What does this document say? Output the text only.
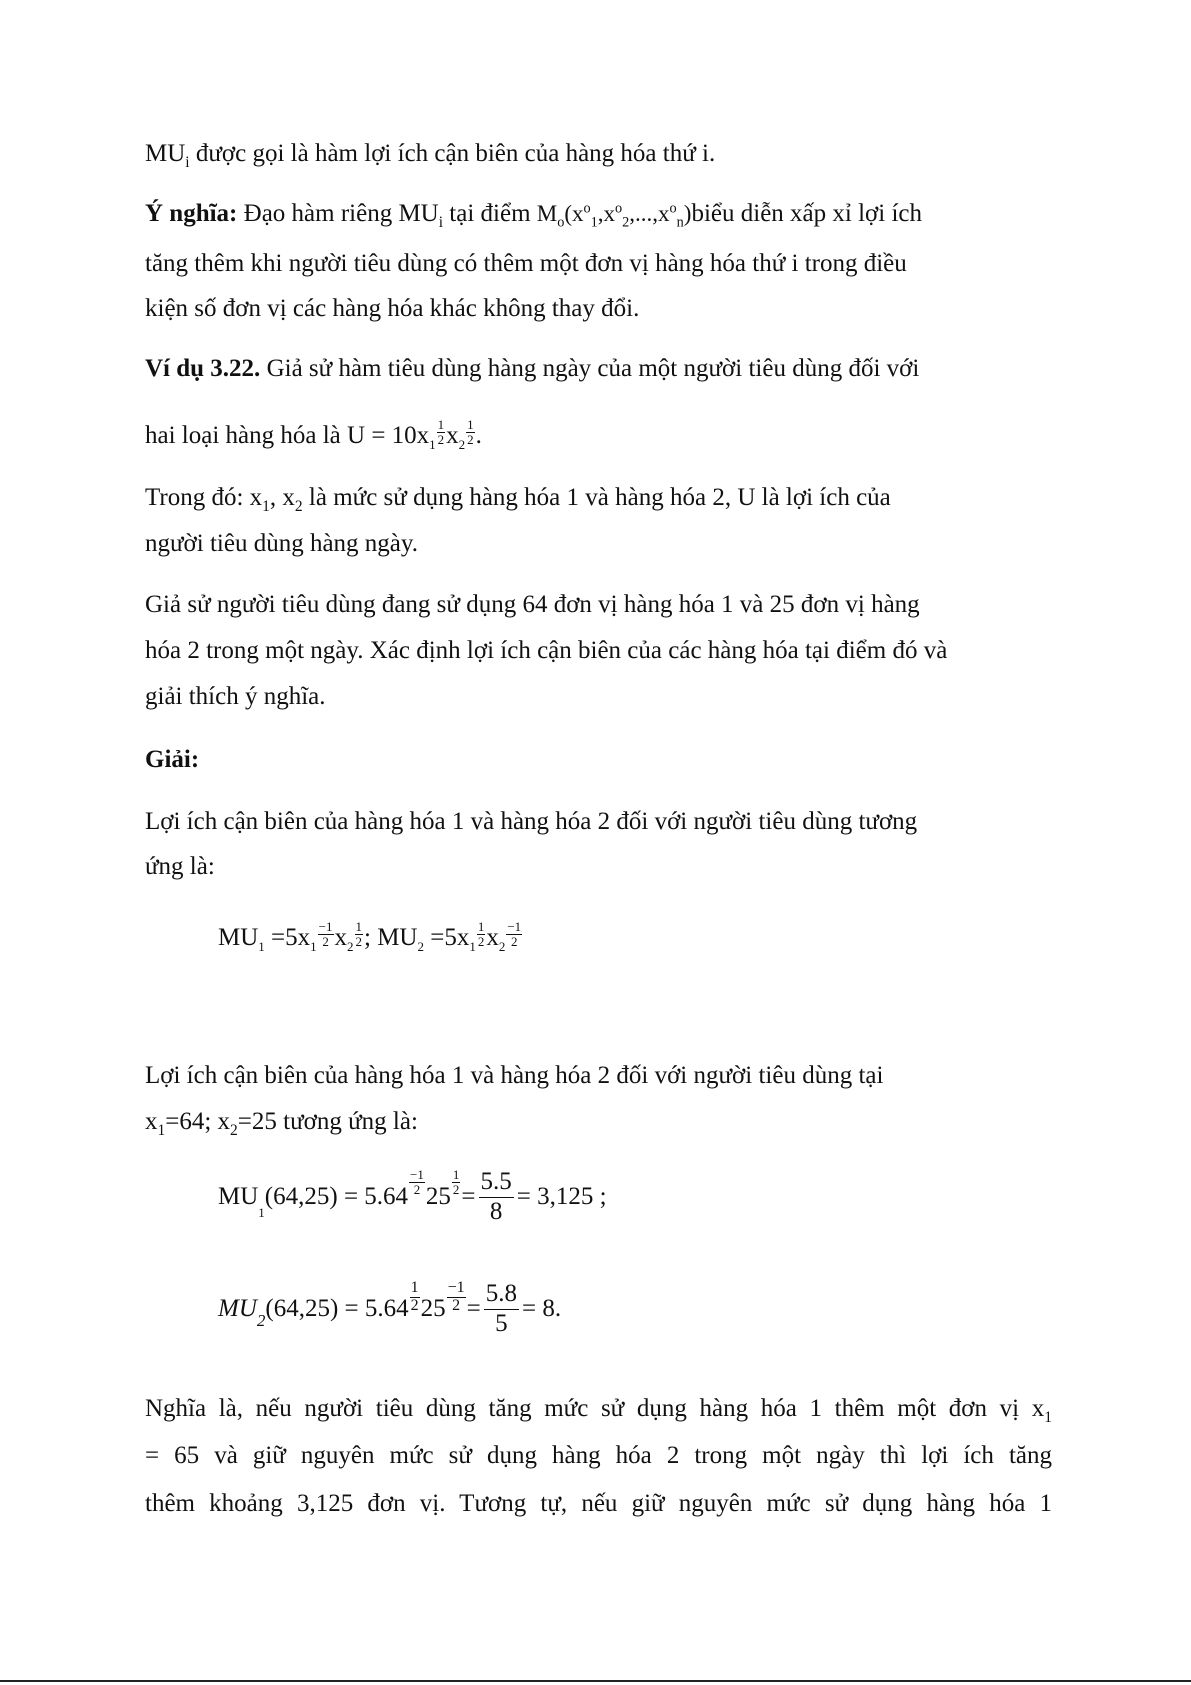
$MU_i$ được gọi là hàm lợi ích cận biên của hàng hóa thứ i.
Ý nghĩa: Đạo hàm riêng $MU_i$ tại điểm $M_o(x^o_1,x^o_2,...,x^o_n)biểu$ diễn xấp xỉ lợi ích
tăng thêm khi người tiêu dùng có thêm một đơn vị hàng hóa thứ i trong điều
kiện số đơn vị các hàng hóa khác không thay đổi.
Ví dụ 3.22. Giả sử hàm tiêu dùng hàng ngày của một người tiêu dùng đối với
hai loại hàng hóa là $U = 10x_1 \frac{1}{2} x_2 \frac{1}{2}$ .
Trong đó: $x_1$, $x_2$ là mức sử dụng hàng hóa 1 và hàng hóa 2, U là lợi ích của
người tiêu dùng hàng ngày.
Giả sử người tiêu dùng đang sử dụng 64 đơn vị hàng hóa 1 và 25 đơn vị hàng
hóa 2 trong một ngày. Xác định lợi ích cận biên của các hàng hóa tại điểm đó và
giải thích ý nghĩa.
Giải:
Lợi ích cận biên của hàng hóa 1 và hàng hóa 2 đối với người tiêu dùng tương
ứng là:
$MU_1 =5x_1 \frac{-1}{2} x_2 \frac{1}{2}$ ; $MU_2 =5x_1 \frac{1}{2} x_2 \frac{-1}{2}$
Lợi ích cận biên của hàng hóa 1 và hàng hóa 2 đối với người tiêu dùng tại
$x_1=64$; $x_2=25$ tương ứng là:
MU
$_1$
(64,25) = 5.64
−1
2 25
$\frac{1}{2}$
= $\frac{5.5}{8} = 3,125$ ;
$MU_2$ (64,25) = 5.64
1
2 $25 \frac{-1}{2} = \frac{5.8}{5} = 8$.
Nghĩa là, nếu người tiêu dùng tăng mức sử dụng hàng hóa 1 thêm một đơn vị $x_1$
= 65 và giữ nguyên mức sử dụng hàng hóa 2 trong một ngày thì lợi ích tăng
thêm khoảng 3,125 đơn vị. Tương tự, nếu giữ nguyên mức sử dụng hàng hóa 1
